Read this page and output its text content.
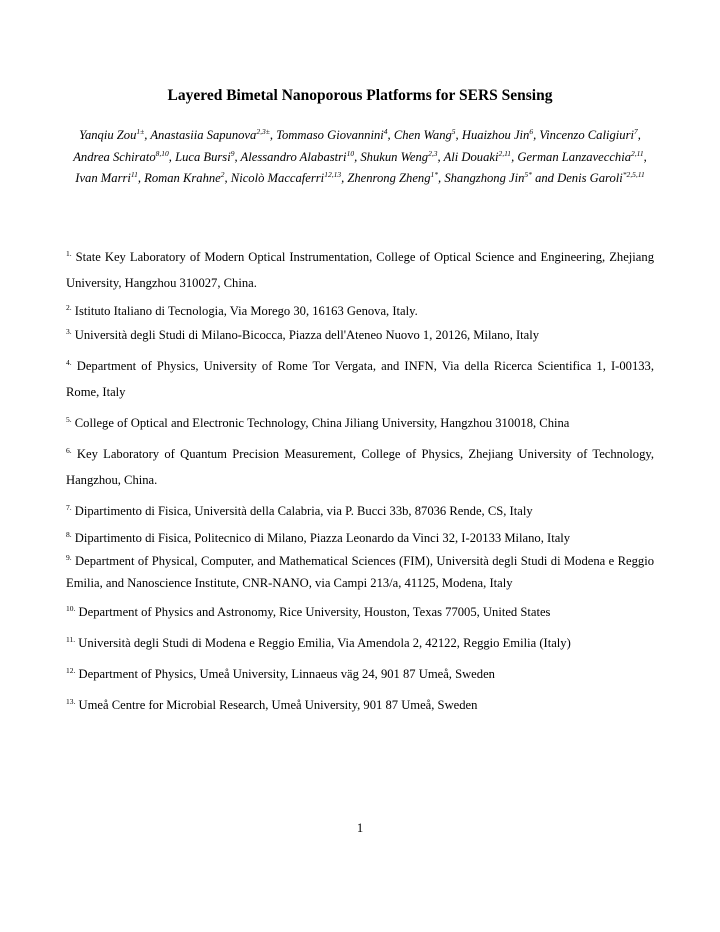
Layered Bimetal Nanoporous Platforms for SERS Sensing
Yanqiu Zou$^{1\pm}$, Anastasiia Sapunova$^{2,3\pm}$, Tommaso Giovannini$^4$, Chen Wang$^5$, Huaizhou Jin$^6$, Vincenzo Caligiuri$^7$, Andrea Schirato$^{8,10}$, Luca Bursi$^9$, Alessandro Alabastri$^{10}$, Shukun Weng$^{2,3}$, Ali Douaki$^{2,11}$, German Lanzavecchia$^{2,11}$, Ivan Marri$^{11}$, Roman Krahne$^2$, Nicolò Maccaferri$^{12,13}$, Zhenrong Zheng$^{1*}$, Shangzhong Jin$^{5*}$ and Denis Garoli$^{*2,5,11}$
$^{1.}$ State Key Laboratory of Modern Optical Instrumentation, College of Optical Science and Engineering, Zhejiang University, Hangzhou 310027, China.
$^{2.}$ Istituto Italiano di Tecnologia, Via Morego 30, 16163 Genova, Italy.
$^{3.}$ Università degli Studi di Milano-Bicocca, Piazza dell'Ateneo Nuovo 1, 20126, Milano, Italy
$^{4.}$ Department of Physics, University of Rome Tor Vergata, and INFN, Via della Ricerca Scientifica 1, I-00133, Rome, Italy
$^{5.}$ College of Optical and Electronic Technology, China Jiliang University, Hangzhou 310018, China
$^{6.}$ Key Laboratory of Quantum Precision Measurement, College of Physics, Zhejiang University of Technology, Hangzhou, China.
$^{7.}$ Dipartimento di Fisica, Università della Calabria, via P. Bucci 33b, 87036 Rende, CS, Italy
$^{8.}$ Dipartimento di Fisica, Politecnico di Milano, Piazza Leonardo da Vinci 32, I-20133 Milano, Italy
$^{9.}$ Department of Physical, Computer, and Mathematical Sciences (FIM), Università degli Studi di Modena e Reggio Emilia, and Nanoscience Institute, CNR-NANO, via Campi 213/a, 41125, Modena, Italy
$^{10.}$ Department of Physics and Astronomy, Rice University, Houston, Texas 77005, United States
$^{11.}$ Università degli Studi di Modena e Reggio Emilia, Via Amendola 2, 42122, Reggio Emilia (Italy)
$^{12.}$ Department of Physics, Umeå University, Linnaeus väg 24, 901 87 Umeå, Sweden
$^{13.}$ Umeå Centre for Microbial Research, Umeå University, 901 87 Umeå, Sweden
1
